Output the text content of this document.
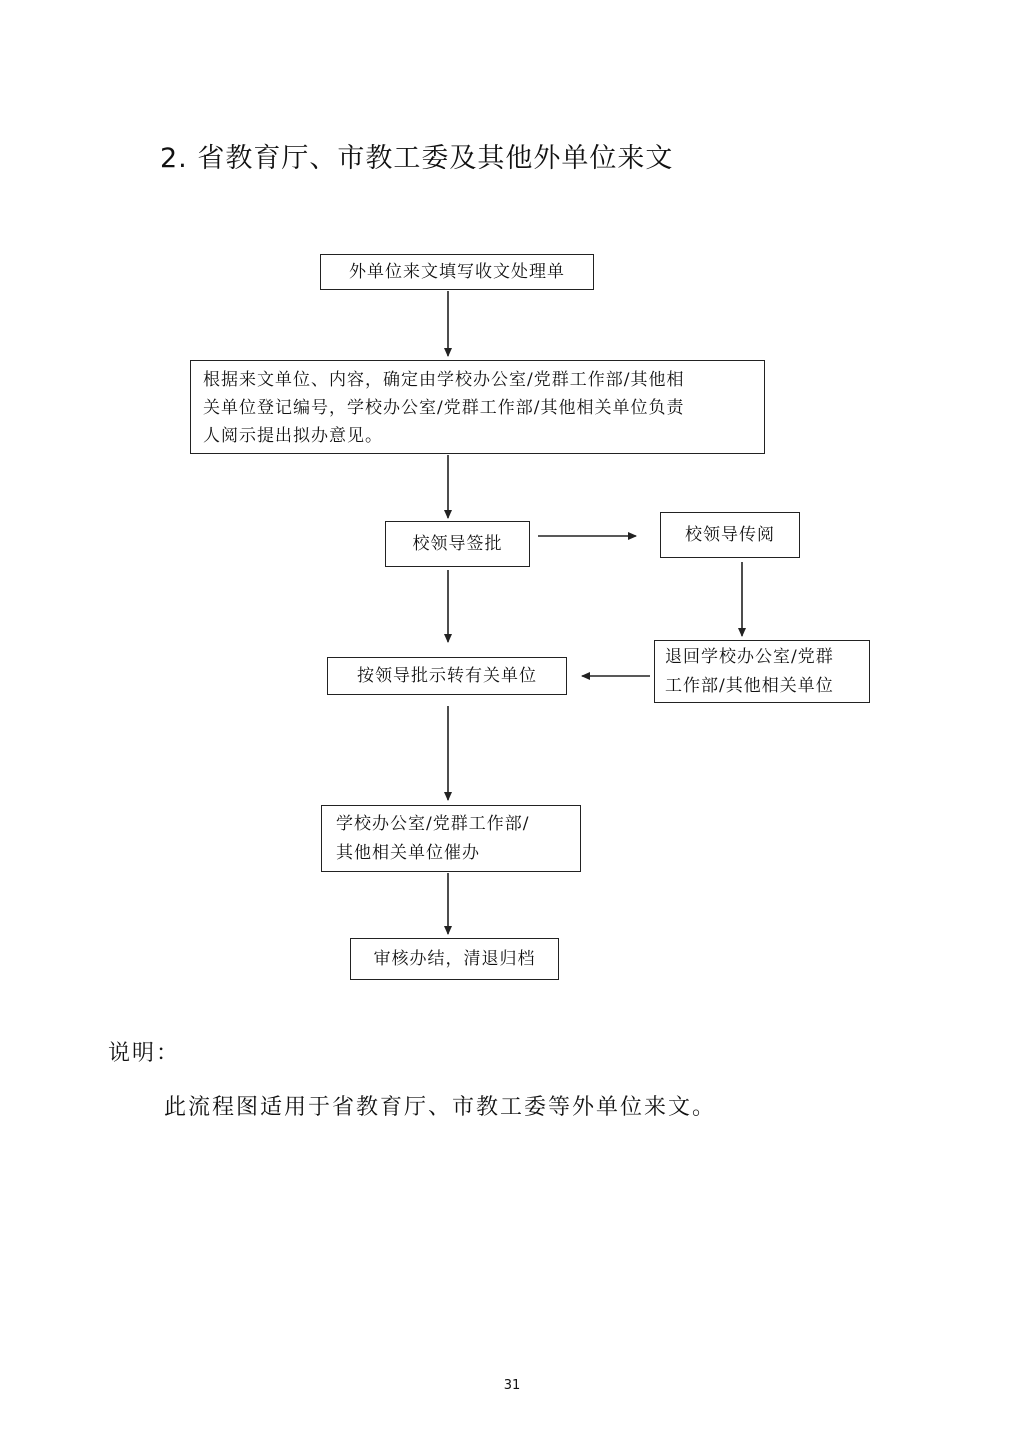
2. 省教育厅、市教工委及其他外单位来文
外单位来文填写收文处理单
根据来文单位、内容，确定由学校办公室/党群工作部/其他相
关单位登记编号，学校办公室/党群工作部/其他相关单位负责
人阅示提出拟办意见。
校领导签批	校领导传阅
退回学校办公室/党群
工作部/其他相关单位
按领导批示转有关单位
学校办公室/党群工作部/
其他相关单位催办
审核办结，清退归档
说明：
此流程图适用于省教育厅、市教工委等外单位来文。
31
